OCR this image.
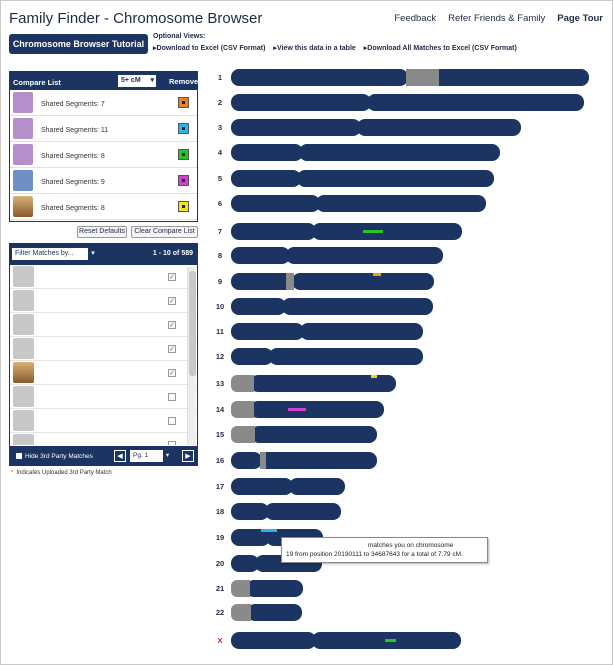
Family Finder - Chromosome Browser	Feedback Refer Friends & Family Page Tour
Chromosome Browser Tutorial
Optional Views:
▸ Download to Excel (CSV Format)	▸ View this data in a table	▸ Download All Matches to Excel (CSV Format)
Compare List	5+ cM ▾	Remove
Shared Segments: 7
Shared Segments: 11
Shared Segments: 8
Shared Segments: 9
Shared Segments: 8
Reset Defaults	Clear Compare List
Filter Matches by... ▾	1 - 10 of 589
✓
✓
✓
✓
✓
Hide 3rd Party Matches	◀	Pg. 1 ▾	▶
* Indicates Uploaded 3rd Party Match
1
2
3
4
5
6
7
8
9
10
11
12
13
14
15
16
17
18
19
20
21
22
X
matches you on chromosome
19 from position 20190111 to 34687643 for a total of 7.79 cM.
